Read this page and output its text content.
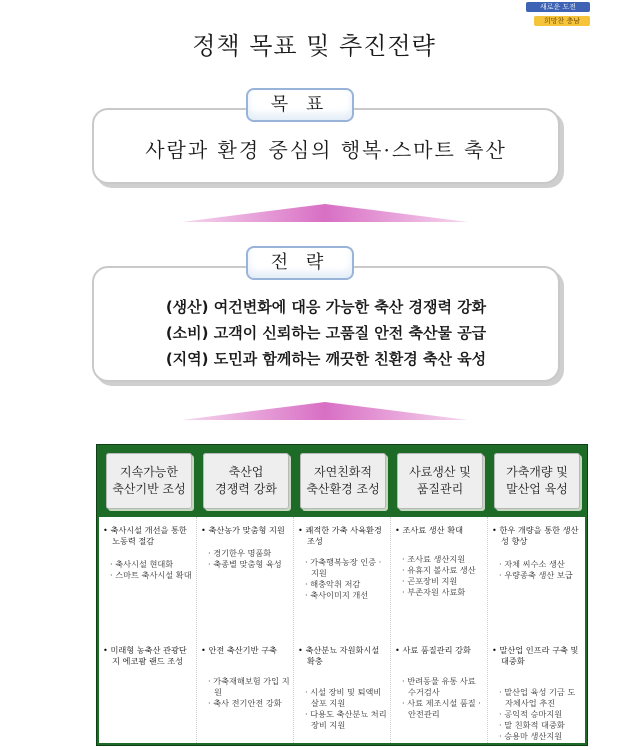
새로운 도전
희망찬 충남
정책 목표 및 추진전략
목 표
사람과 환경 중심의 행복·스마트 축산
전 략
(생산) 여건변화에 대응 가능한 축산 경쟁력 강화
(소비) 고객이 신뢰하는 고품질 안전 축산물 공급
(지역) 도민과 함께하는 깨끗한 친환경 축산 육성
지속가능한
축산기반 조성
축산업
경쟁력 강화
자연친화적
축산환경 조성
사료생산 및
품질관리
가축개량 및
말산업 육성
• 축사시설 개선을 통한 노동력 절감
· 축사시설 현대화
· 스마트 축사시설 확대
• 미래형 농축산 관광단지 에코팜 랜드 조성
• 축산농가 맞춤형 지원
· 경기한우 명품화
· 축종별 맞춤형 육성
• 안전 축산기반 구축
· 가축재해보험 가입 지원
· 축사 전기안전 강화
• 쾌적한 가축 사육환경 조성
· 가축행복농장 인증 · 지원
· 해충악취 저감
· 축사이미지 개선
• 축산분뇨 자원화시설 확충
· 시설 장비 및 퇴액비살포 지원
· 다용도 축산분뇨 처리장비 지원
• 조사료 생산 확대
· 조사료 생산지원
· 유휴지 볼사료 생산
· 곤포장비 지원
· 부존자원 사료화
• 사료 품질관리 강화
· 반려동물 유통 사료 수거검사
· 사료 제조시설 품질 · 안전관리
• 한우 개량을 통한 생산성 향상
· 자체 씨수소 생산
· 우량종축 생산 보급
• 말산업 인프라 구축 및 대중화
· 말산업 육성 기금 도 자체사업 추진
· 공익적 승마지원
· 말 친화적 대중화
· 승용마 생산지원
